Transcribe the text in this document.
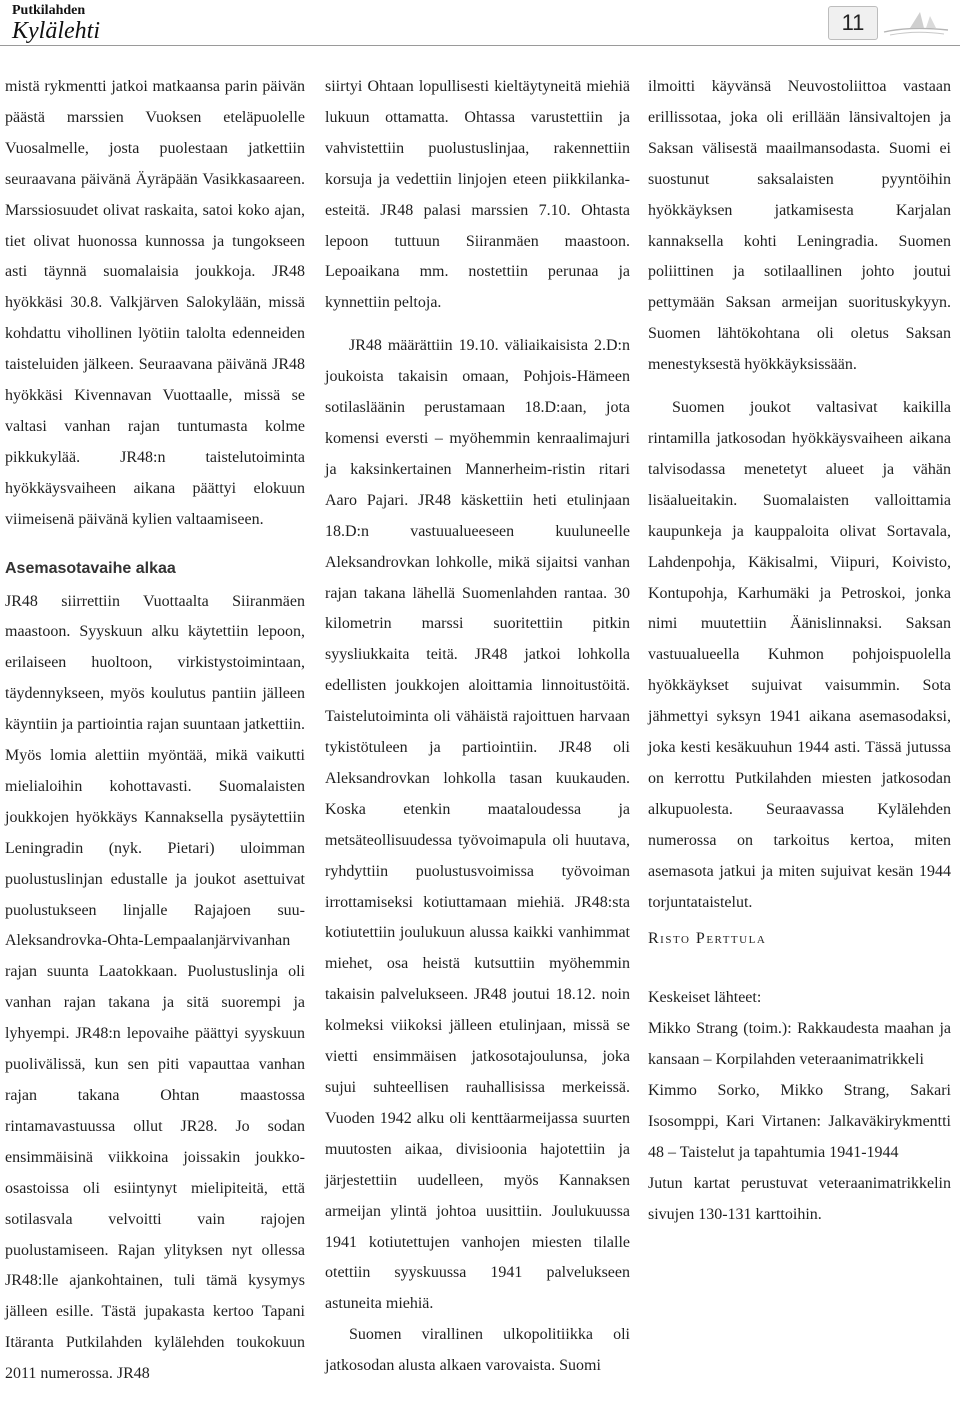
Putkilahden
Kylälehti	11

mistä rykmentti jatkoi matkaansa parin päivän päästä marssien Vuoksen eteläpuolelle Vuosalmelle, josta puolestaan jatkettiin seuraavana päivänä Äyräpään Vasikkasaareen. Marssiosuudet olivat raskaita, satoi koko ajan, tiet olivat huonossa kunnossa ja tungokseen asti täynnä suomalaisia joukkoja. JR48 hyökkäsi 30.8. Valkjärven Salokylään, missä kohdattu vihollinen lyötiin talolta edenneiden taisteluiden jälkeen. Seuraavana päivänä JR48 hyökkäsi Kivennavan Vuottaalle, missä se valtasi vanhan rajan tuntumasta kolme pikkukylää. JR48:n taistelutoiminta hyökkäysvaiheen aikana päättyi elokuun viimeisenä päivänä kylien valtaamiseen.

Asemasotavaihe alkaa

JR48 siirrettiin Vuottaalta Siiranmäen maastoon. Syyskuun alku käytettiin lepoon, erilaiseen huoltoon, virkistystoimintaan, täydennykseen, myös koulutus pantiin jälleen käyntiin ja partiointia rajan suuntaan jatkettiin. Myös lomia alettiin myöntää, mikä vaikutti mielialoihin kohottavasti. Suomalaisten joukkojen hyökkäys Kannaksella pysäytettiin Leningradin (nyk. Pietari) uloimman puolustuslinjan edustalle ja joukot asettuivat puolustukseen linjalle Rajajoen suu-Aleksandrovka-Ohta-Lempaalanjärvivanhan rajan suunta Laatokkaan. Puolustuslinja oli vanhan rajan takana ja sitä suorempi ja lyhyempi. JR48:n lepovaihe päättyi syyskuun puolivälissä, kun sen piti vapauttaa vanhan rajan takana Ohtan maastossa rintamavastuussa ollut JR28. Jo sodan ensimmäisinä viikkoina joissakin joukko-osastoissa oli esiintynyt mielipiteitä, että sotilasvala velvoitti vain rajojen puolustamiseen. Rajan ylityksen nyt ollessa JR48:lle ajankohtainen, tuli tämä kysymys jälleen esille. Tästä jupakasta kertoo Tapani Itäranta Putkilahden kylälehden toukokuun 2011 numerossa. JR48

siirtyi Ohtaan lopullisesti kieltäytyneitä miehiä lukuun ottamatta. Ohtassa varustettiin ja vahvistettiin puolustuslinjaa, rakennettiin korsuja ja vedettiin linjojen eteen piikkilanka-esteitä. JR48 palasi marssien 7.10. Ohtasta lepoon tuttuun Siiranmäen maastoon. Lepoaikana mm. nostettiin perunaa ja kynnettiin peltoja.

JR48 määrättiin 19.10. väliaikaisista 2.D:n joukoista takaisin omaan, Pohjois-Hämeen sotilasläänin perustamaan 18.D:aan, jota komensi eversti – myöhemmin kenraalimajuri ja kaksinkertainen Mannerheim-ristin ritari Aaro Pajari. JR48 käskettiin heti etulinjaan 18.D:n vastuualueeseen kuuluneelle Aleksandrovkan lohkolle, mikä sijaitsi vanhan rajan takana lähellä Suomenlahden rantaa. 30 kilometrin marssi suoritettiin pitkin syysliukkaita teitä. JR48 jatkoi lohkolla edellisten joukkojen aloittamia linnoitustöitä. Taistelutoiminta oli vähäistä rajoittuen harvaan tykistötuleen ja partiointiin. JR48 oli Aleksandrovkan lohkolla tasan kuukauden. Koska etenkin maataloudessa ja metsäteollisuudessa työvoimapula oli huutava, ryhdyttiin puolustusvoimissa työvoiman irrottamiseksi kotiuttamaan miehiä. JR48:sta kotiutettiin joulukuun alussa kaikki vanhimmat miehet, osa heistä kutsuttiin myöhemmin takaisin palvelukseen. JR48 joutui 18.12. noin kolmeksi viikoksi jälleen etulinjaan, missä se vietti ensimmäisen jatkosotajoulunsa, joka sujui suhteellisen rauhallisissa merkeissä. Vuoden 1942 alku oli kenttäarmeijassa suurten muutosten aikaa, divisioonia hajotettiin ja järjestettiin uudelleen, myös Kannaksen armeijan ylintä johtoa uusittiin. Joulukuussa 1941 kotiutettujen vanhojen miesten tilalle otettiin syyskuussa 1941 palvelukseen astuneita miehiä.

Suomen virallinen ulkopolitiikka oli jatkosodan alusta alkaen varovaista. Suomi

ilmoitti käyvänsä Neuvostoliittoa vastaan erillissotaa, joka oli erillään länsivaltojen ja Saksan välisestä maailmansodasta. Suomi ei suostunut saksalaisten pyyntöihin hyökkäyksen jatkamisesta Karjalan kannaksella kohti Leningradia. Suomen poliittinen ja sotilaallinen johto joutui pettymään Saksan armeijan suorituskykyyn. Suomen lähtökohtana oli oletus Saksan menestyksestä hyökkäyksissään.

Suomen joukot valtasivat kaikilla rintamilla jatkosodan hyökkäysvaiheen aikana talvisodassa menetetyt alueet ja vähän lisäalueitakin. Suomalaisten valloittamia kaupunkeja ja kauppaloita olivat Sortavala, Lahdenpohja, Käkisalmi, Viipuri, Koivisto, Kontupohja, Karhumäki ja Petroskoi, jonka nimi muutettiin Äänislinnaksi. Saksan vastuualueella Kuhmon pohjoispuolella hyökkäykset sujuivat vaisummin. Sota jähmettyi syksyn 1941 aikana asemasodaksi, joka kesti kesäkuuhun 1944 asti. Tässä jutussa on kerrottu Putkilahden miesten jatkosodan alkupuolesta. Seuraavassa Kylälehden numerossa on tarkoitus kertoa, miten asemasota jatkui ja miten sujuivat kesän 1944 torjuntataistelut.

Risto Perttula

Keskeiset lähteet:

Mikko Strang (toim.): Rakkaudesta maahan ja kansaan – Korpilahden veteraanimatrikkeli

Kimmo Sorko, Mikko Strang, Sakari Isosomppi, Kari Virtanen: Jalkaväkirykmentti 48 – Taistelut ja tapahtumia 1941-1944

Jutun kartat perustuvat veteraanimatrikkelin sivujen 130-131 karttoihin.
